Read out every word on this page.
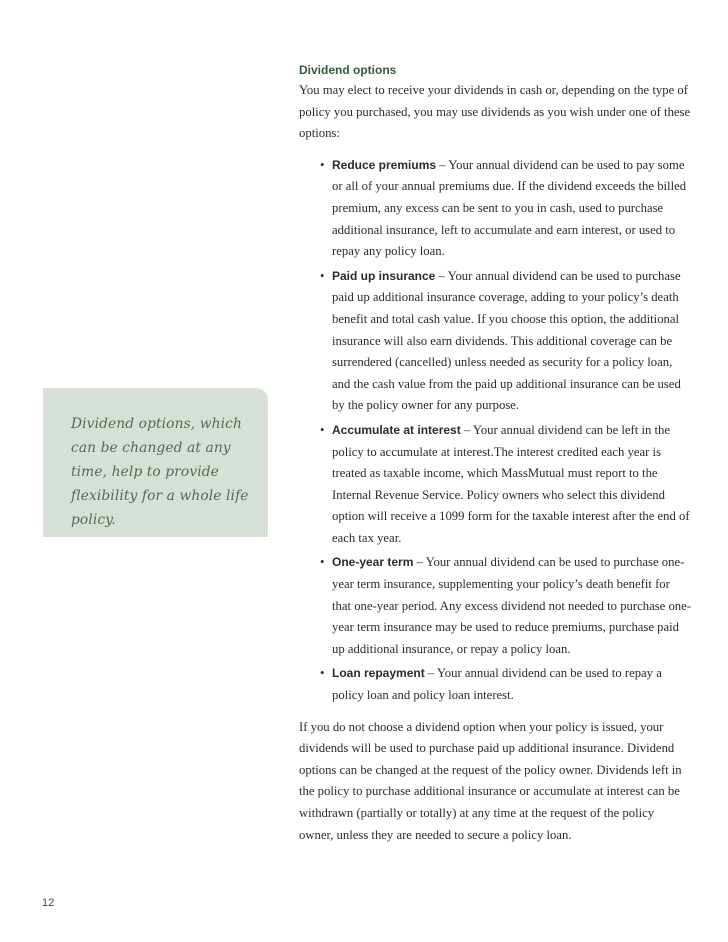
Dividend options, which can be changed at any time, help to provide flexibility for a whole life policy.
Dividend options

You may elect to receive your dividends in cash or, depending on the type of policy you purchased, you may use dividends as you wish under one of these options:

• Reduce premiums – Your annual dividend can be used to pay some or all of your annual premiums due. If the dividend exceeds the billed premium, any excess can be sent to you in cash, used to purchase additional insurance, left to accumulate and earn interest, or used to repay any policy loan.
• Paid up insurance – Your annual dividend can be used to purchase paid up additional insurance coverage, adding to your policy’s death benefit and total cash value. If you choose this option, the additional insurance will also earn dividends. This additional coverage can be surrendered (cancelled) unless needed as security for a policy loan, and the cash value from the paid up additional insurance can be used by the policy owner for any purpose.
• Accumulate at interest – Your annual dividend can be left in the policy to accumulate at interest.The interest credited each year is treated as taxable income, which MassMutual must report to the Internal Revenue Service. Policy owners who select this dividend option will receive a 1099 form for the taxable interest after the end of each tax year.
• One-year term – Your annual dividend can be used to purchase one-year term insurance, supplementing your policy’s death benefit for that one-year period. Any excess dividend not needed to purchase one-year term insurance may be used to reduce premiums, purchase paid up additional insurance, or repay a policy loan.
• Loan repayment – Your annual dividend can be used to repay a policy loan and policy loan interest.

If you do not choose a dividend option when your policy is issued, your dividends will be used to purchase paid up additional insurance. Dividend options can be changed at the request of the policy owner. Dividends left in the policy to purchase additional insurance or accumulate at interest can be withdrawn (partially or totally) at any time at the request of the policy owner, unless they are needed to secure a policy loan.

12
